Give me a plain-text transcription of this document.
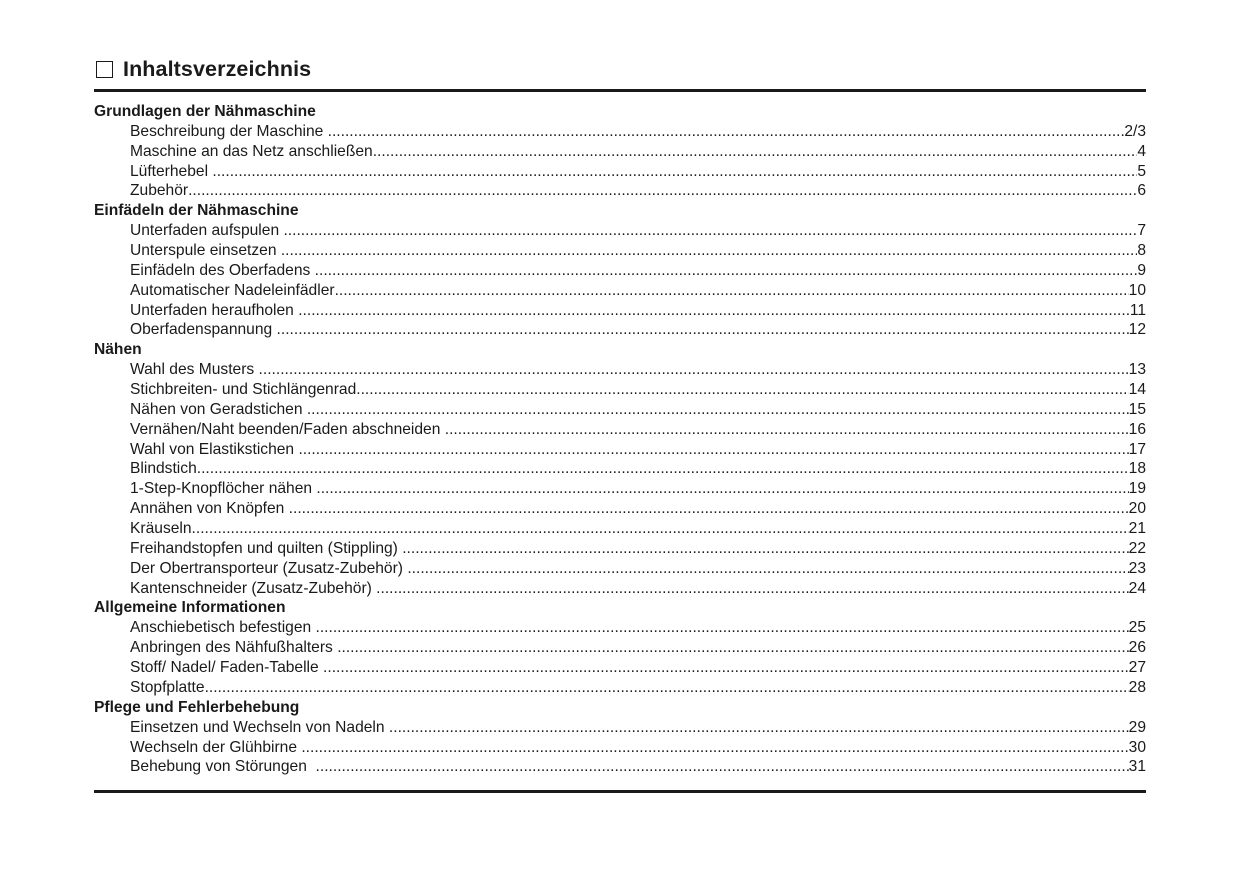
Inhaltsverzeichnis
Grundlagen der Nähmaschine
Beschreibung der Maschine .....	2/3
Maschine an das Netz anschließen .....	4
Lüfterhebel .....	5
Zubehör .....	6
Einfädeln der Nähmaschine
Unterfaden aufspulen .....	7
Unterspule einsetzen .....	8
Einfädeln des Oberfadens .....	9
Automatischer Nadeleinfädler .....	10
Unterfaden heraufholen .....	11
Oberfadenspannung .....	12
Nähen
Wahl des Musters .....	13
Stichbreiten- und Stichlängenrad .....	14
Nähen von Geradstichen .....	15
Vernähen/Naht beenden/Faden abschneiden .....	16
Wahl von Elastikstichen .....	17
Blindstich .....	18
1-Step-Knopflöcher nähen .....	19
Annähen von Knöpfen .....	20
Kräuseln .....	21
Freihandstopfen und quilten (Stippling) .....	22
Der Obertransporteur (Zusatz-Zubehör) .....	23
Kantenschneider (Zusatz-Zubehör) .....	24
Allgemeine Informationen
Anschiebetisch befestigen .....	25
Anbringen des Nähfußhalters .....	26
Stoff/ Nadel/ Faden-Tabelle .....	27
Stopfplatte .....	28
Pflege und Fehlerbehebung
Einsetzen und Wechseln von Nadeln .....	29
Wechseln der Glühbirne .....	30
Behebung von Störungen .....	31
